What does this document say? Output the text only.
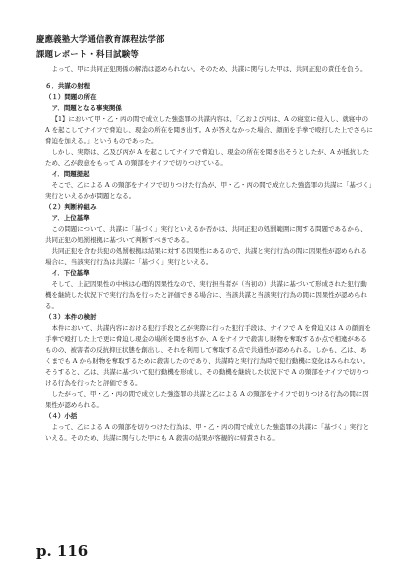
慶應義塾大学通信教育課程法学部
課題レポート・科目試験等

よって、甲に共同正犯関係の解消は認められない。そのため、共謀に関与した甲は、共同正犯の責任を負う。

６．共謀の射程

（１）問題の所在

ア．問題となる事実関係

【1】において甲・乙・丙の間で成立した強盗罪の共謀内容は、「乙および丙は、A の寝室に侵入し、就寝中の A を起こしてナイフで脅迫し、現金の所在を聞き出す。A が答えなかった場合、顔面を手拳で殴打した上でさらに脅迫を加える。」というものであった。

しかし、実際は、乙及び丙が A を起こしてナイフで脅迫し、現金の所在を聞き出そうとしたが、A が抵抗したため、乙が殺意をもって A の頸部をナイフで切りつけている。

イ．問題提起

そこで、乙による A の頸部をナイフで切りつけた行為が、甲・乙・丙の間で成立した強盗罪の共謀に「基づく」実行といえるかが問題となる。

（２）判断枠組み

ア．上位基準

この問題について、共謀に「基づく」実行といえるか否かは、共同正犯の処罰範囲に関する問題であるから、共同正犯の処罰根拠に基づいて判断すべきである。

共同正犯を含む共犯の処罰根拠は結果に対する因果性にあるので、共謀と実行行為の間に因果性が認められる場合に、当該実行行為は共謀に「基づく」実行といえる。

イ．下位基準

そして、上記因果性の中核は心理的因果性なので、実行担当者が（当初の）共謀に基づいて形成された犯行動機を継続した状況下で実行行為を行ったと評価できる場合に、当該共謀と当該実行行為の間に因果性が認められる。

（３）本件の検討

本件において、共謀内容における犯行手段と乙が実際に行った犯行手段は、ナイフで A を脅迫又は A の顔面を手拳で殴打した上で更に脅迫し現金の場所を聞き出すか、A をナイフで殺害し財物を奪取するか点で相違があるものの、被害者の反抗抑圧状態を創出し、それを利用して奪取する点で共通性が認められる。しかも、乙は、あくまでも A から財物を奪取するために殺害したのであり、共謀時と実行行為時で犯行動機に変化はみられない。そうすると、乙は、共謀に基づいて犯行動機を形成し、その動機を継続した状況下で A の頸部をナイフで切りつける行為を行ったと評価できる。

したがって、甲・乙・丙の間で成立した強盗罪の共謀と乙による A の頸部をナイフで切りつける行為の間に因果性が認められる。

（４）小括

よって、乙による A の頸部を切りつけた行為は、甲・乙・丙の間で成立した強盗罪の共謀に「基づく」実行といえる。そのため、共謀に関与した甲にも A 殺害の結果が客観的に帰責される。

p. 116
